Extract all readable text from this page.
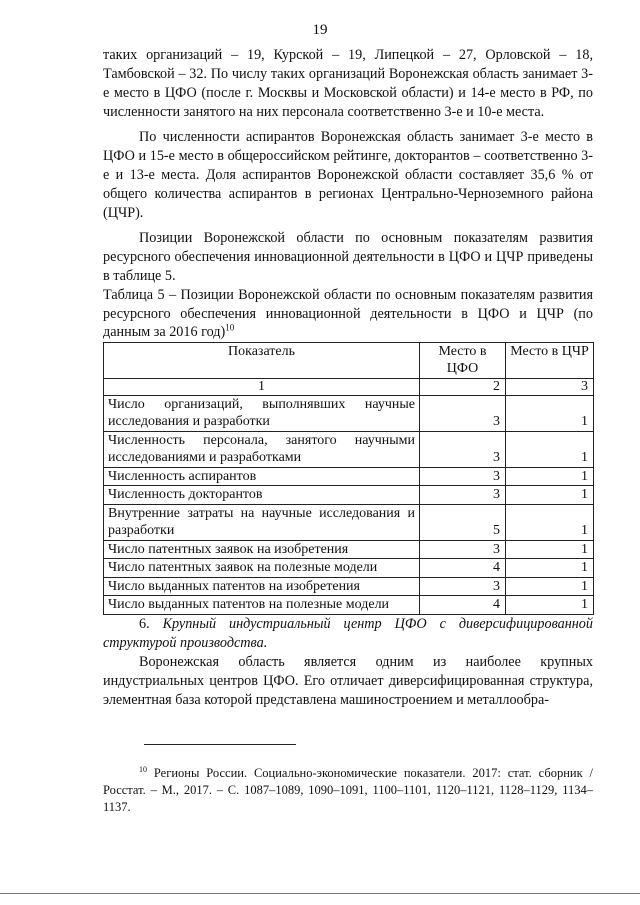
19

таких организаций – 19, Курской – 19, Липецкой – 27, Орловской – 18, Тамбовской – 32. По числу таких организаций Воронежская область занимает 3-е место в ЦФО (после г. Москвы и Московской области) и 14-е место в РФ, по численности занятого на них персонала соответственно 3-е и 10-е места.

По численности аспирантов Воронежская область занимает 3-е место в ЦФО и 15-е место в общероссийском рейтинге, докторантов – соответственно 3-е и 13-е места. Доля аспирантов Воронежской области составляет 35,6 % от общего количества аспирантов в регионах Центрально-Черноземного района (ЦЧР).

Позиции Воронежской области по основным показателям развития ресурсного обеспечения инновационной деятельности в ЦФО и ЦЧР приведены в таблице 5.

Таблица 5 – Позиции Воронежской области по основным показателям развития ресурсного обеспечения инновационной деятельности в ЦФО и ЦЧР (по данным за 2016 год)$^{10}$

Показатель	Место в ЦФО	Место в ЦЧР
1	2	3
Число организаций, выполнявших научные исследования и разработки	3	1
Численность персонала, занятого научными исследованиями и разработками	3	1
Численность аспирантов	3	1
Численность докторантов	3	1
Внутренние затраты на научные исследования и разработки	5	1
Число патентных заявок на изобретения	3	1
Число патентных заявок на полезные модели	4	1
Число выданных патентов на изобретения	3	1
Число выданных патентов на полезные модели	4	1

6. Крупный индустриальный центр ЦФО с диверсифицированной структурой производства.

Воронежская область является одним из наиболее крупных индустриальных центров ЦФО. Его отличает диверсифицированная структура, элементная база которой представлена машиностроением и металлообра-

$^{10}$ Регионы России. Социально-экономические показатели. 2017: стат. сборник / Росстат. – М., 2017. – С. 1087–1089, 1090–1091, 1100–1101, 1120–1121, 1128–1129, 1134–1137.
